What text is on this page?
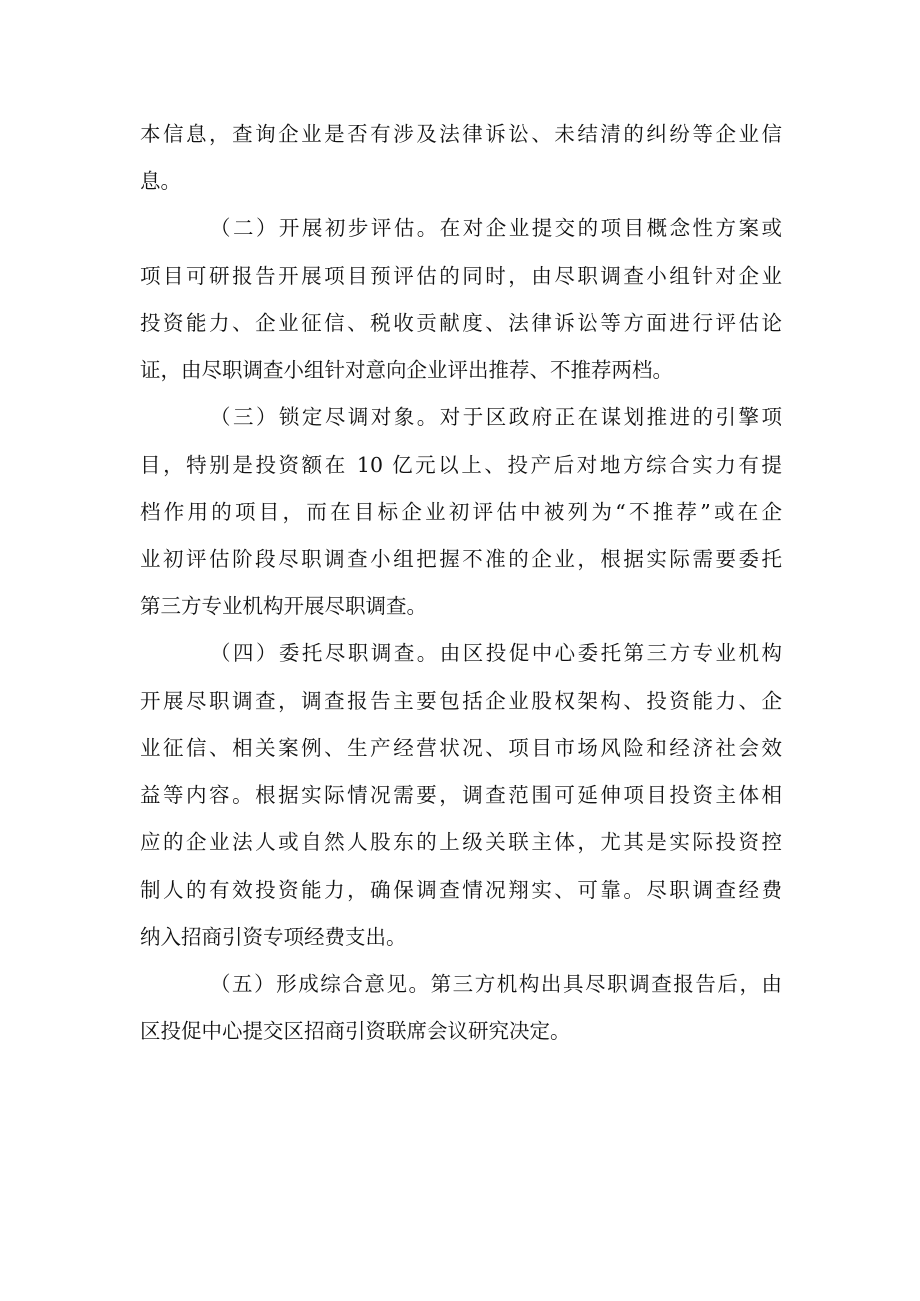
本信息，查询企业是否有涉及法律诉讼、未结清的纠纷等企业信
息。
（二）开展初步评估。在对企业提交的项目概念性方案或
项目可研报告开展项目预评估的同时，由尽职调查小组针对企业
投资能力、企业征信、税收贡献度、法律诉讼等方面进行评估论
证，由尽职调查小组针对意向企业评出推荐、不推荐两档。
（三）锁定尽调对象。对于区政府正在谋划推进的引擎项
目，特别是投资额在 10 亿元以上、投产后对地方综合实力有提
档作用的项目，而在目标企业初评估中被列为“不推荐”或在企
业初评估阶段尽职调查小组把握不准的企业，根据实际需要委托
第三方专业机构开展尽职调查。
（四）委托尽职调查。由区投促中心委托第三方专业机构
开展尽职调查，调查报告主要包括企业股权架构、投资能力、企
业征信、相关案例、生产经营状况、项目市场风险和经济社会效
益等内容。根据实际情况需要，调查范围可延伸项目投资主体相
应的企业法人或自然人股东的上级关联主体，尤其是实际投资控
制人的有效投资能力，确保调查情况翔实、可靠。尽职调查经费
纳入招商引资专项经费支出。
（五）形成综合意见。第三方机构出具尽职调查报告后，由
区投促中心提交区招商引资联席会议研究决定。
